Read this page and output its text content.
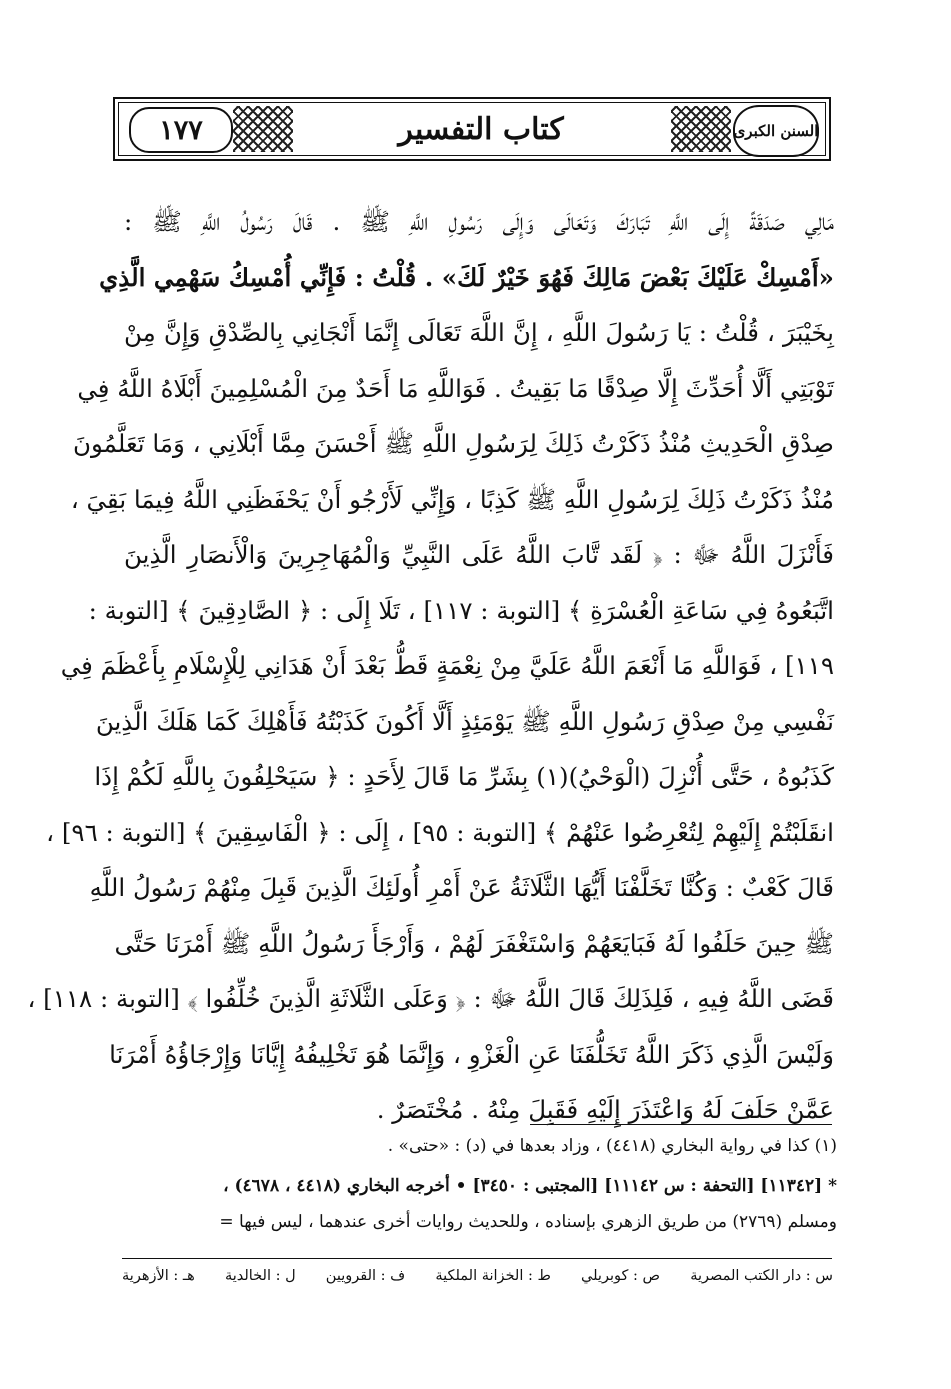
السنن الكبرى
كتاب التفسير
١٧٧
مَالِي صَدَقَةً إِلَى اللَّهِ تَبَارَكَ وَتَعَالَى وَإِلَى رَسُولِ اللَّهِ ﷺ . قَالَ رَسُولُ اللَّهِ ﷺ :
«أَمْسِكْ عَلَيْكَ بَعْضَ مَالِكَ فَهُوَ خَيْرٌ لَكَ» . قُلْتُ : فَإِنِّي أُمْسِكُ سَهْمِي الَّذِي
بِخَيْبَرَ ، قُلْتُ : يَا رَسُولَ اللَّهِ ، إِنَّ اللَّهَ تَعَالَى إِنَّمَا أَنْجَانِي بِالصِّدْقِ وَإِنَّ مِنْ
تَوْبَتِي أَلَّا أُحَدِّثَ إِلَّا صِدْقًا مَا بَقِيتُ . فَوَاللَّهِ مَا أَحَدٌ مِنَ الْمُسْلِمِينَ أَبْلَاهُ اللَّهُ فِي
صِدْقِ الْحَدِيثِ مُنْذُ ذَكَرْتُ ذَلِكَ لِرَسُولِ اللَّهِ ﷺ أَحْسَنَ مِمَّا أَبْلَانِي ، وَمَا تَعَلَّمُونَ
مُنْذُ ذَكَرْتُ ذَلِكَ لِرَسُولِ اللَّهِ ﷺ كَذِبًا ، وَإِنِّي لَأَرْجُو أَنْ يَحْفَظَنِي اللَّهُ فِيمَا بَقِيَ ،
فَأَنْزَلَ اللَّهُ ﷻ : ﴿ لَقَد تَّابَ اللَّهُ عَلَى النَّبِيِّ وَالْمُهَاجِرِينَ وَالْأَنصَارِ الَّذِينَ
اتَّبَعُوهُ فِي سَاعَةِ الْعُسْرَةِ ﴾ [التوبة : ١١٧] ، تَلَا إِلَى : ﴿ الصَّادِقِينَ ﴾ [التوبة :
١١٩] ، فَوَاللَّهِ مَا أَنْعَمَ اللَّهُ عَلَيَّ مِنْ نِعْمَةٍ قَطُّ بَعْدَ أَنْ هَدَانِي لِلْإِسْلَامِ بِأَعْظَمَ فِي
نَفْسِي مِنْ صِدْقِ رَسُولِ اللَّهِ ﷺ يَوْمَئِذٍ أَلَّا أَكُونَ كَذَبْتُهُ فَأَهْلِكَ كَمَا هَلَكَ الَّذِينَ
كَذَبُوهُ ، حَتَّى أُنْزِلَ (الْوَحْيُ)(١) بِشَرِّ مَا قَالَ لِأَحَدٍ : ﴿ سَيَحْلِفُونَ بِاللَّهِ لَكُمْ إِذَا
انقَلَبْتُمْ إِلَيْهِمْ لِتُعْرِضُوا عَنْهُمْ ﴾ [التوبة : ٩٥] ، إِلَى : ﴿ الْفَاسِقِينَ ﴾ [التوبة : ٩٦] ،
قَالَ كَعْبٌ : وَكُنَّا تَخَلَّفْنَا أَيُّهَا الثَّلَاثَةُ عَنْ أَمْرِ أُولَئِكَ الَّذِينَ قَبِلَ مِنْهُمْ رَسُولُ اللَّهِ
ﷺ حِينَ حَلَفُوا لَهُ فَبَايَعَهُمْ وَاسْتَغْفَرَ لَهُمْ ، وَأَرْجَأَ رَسُولُ اللَّهِ ﷺ أَمْرَنَا حَتَّى
قَضَى اللَّهُ فِيهِ ، فَلِذَلِكَ قَالَ اللَّهُ ﷻ : ﴿ وَعَلَى الثَّلَاثَةِ الَّذِينَ خُلِّفُوا ﴾ [التوبة : ١١٨] ،
وَلَيْسَ الَّذِي ذَكَرَ اللَّهُ تَخَلُّفَنَا عَنِ الْغَزْوِ ، وَإِنَّمَا هُوَ تَخْلِيفُهُ إِيَّانَا وَإِرْجَاؤُهُ أَمْرَنَا
عَمَّنْ حَلَفَ لَهُ وَاعْتَذَرَ إِلَيْهِ فَقَبِلَ مِنْهُ . مُخْتَصَرٌ .
(١) كذا في رواية البخاري (٤٤١٨) ، وزاد بعدها في (د) : «حتى» .
* [١١٣٤٢] [التحفة : س ١١١٤٢] [المجتبى : ٣٤٥٠] • أخرجه البخاري (٤٤١٨ ، ٤٦٧٨) ،
ومسلم (٢٧٦٩) من طريق الزهري بإسناده ، وللحديث روايات أخرى عندهما ، ليس فيها =
س : دار الكتب المصرية
ص : كوبريلي
ط : الخزانة الملكية
ف : القرويين
ل : الخالدية
هـ : الأزهرية
